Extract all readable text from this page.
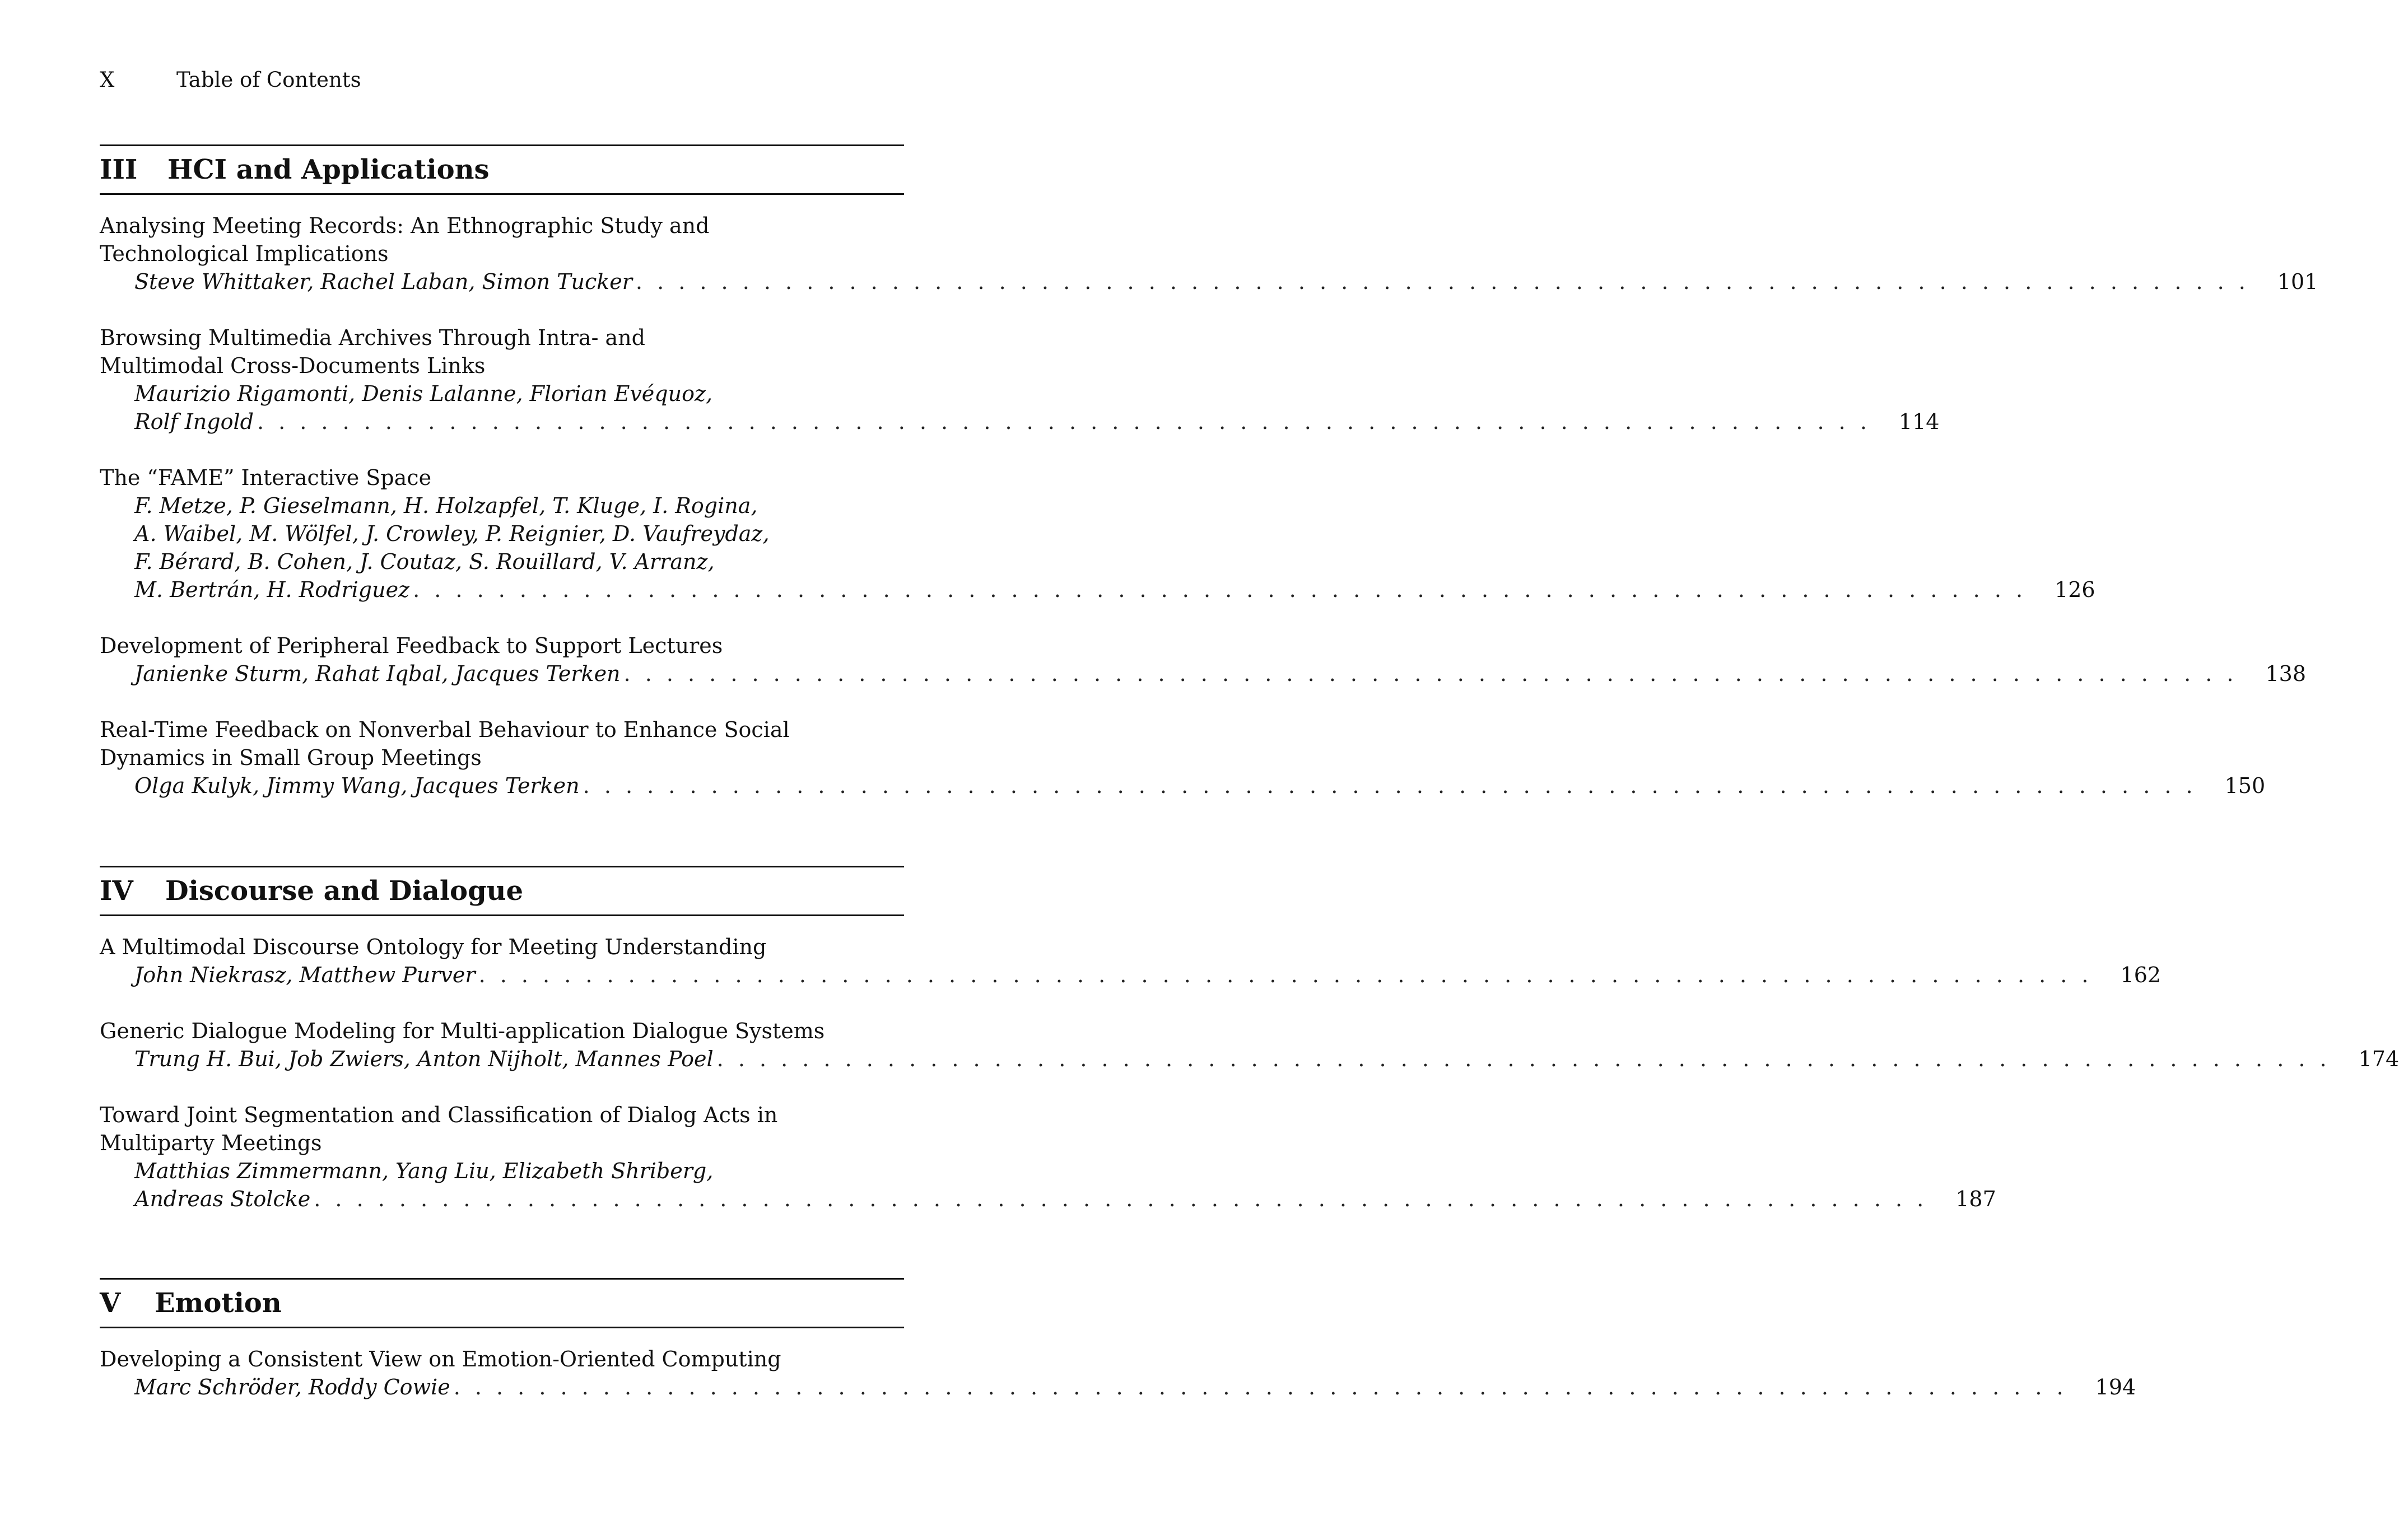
X	Table of Contents
III HCI and Applications
Analysing Meeting Records: An Ethnographic Study and Technological Implications
Steve Whittaker, Rachel Laban, Simon Tucker . . . . . . . . . . . . . . . . . . . . . . . . . . . . . . . . . . . . . . . . . . . . . . . . . . . . . . . . . . . . . . . . . . . . . . . . . . . . 101
Browsing Multimedia Archives Through Intra- and Multimodal Cross-Documents Links
Maurizio Rigamonti, Denis Lalanne, Florian Evéquoz,
Rolf Ingold . . . . . . . . . . . . . . . . . . . . . . . . . . . . . . . . . . . . . . . . . . . . . . . . . . . . . . . . . . . . . . . . . . . . . . . . . . . . 114
The “FAME” Interactive Space
F. Metze, P. Gieselmann, H. Holzapfel, T. Kluge, I. Rogina,
A. Waibel, M. Wölfel, J. Crowley, P. Reignier, D. Vaufreydaz,
F. Bérard, B. Cohen, J. Coutaz, S. Rouillard, V. Arranz,
M. Bertrán, H. Rodriguez . . . . . . . . . . . . . . . . . . . . . . . . . . . . . . . . . . . . . . . . . . . . . . . . . . . . . . . . . . . . . . . . . . . . . . . . . . . . 126
Development of Peripheral Feedback to Support Lectures
Janienke Sturm, Rahat Iqbal, Jacques Terken . . . . . . . . . . . . . . . . . . . . . . . . . . . . . . . . . . . . . . . . . . . . . . . . . . . . . . . . . . . . . . . . . . . . . . . . . . . . 138
Real-Time Feedback on Nonverbal Behaviour to Enhance Social Dynamics in Small Group Meetings
Olga Kulyk, Jimmy Wang, Jacques Terken . . . . . . . . . . . . . . . . . . . . . . . . . . . . . . . . . . . . . . . . . . . . . . . . . . . . . . . . . . . . . . . . . . . . . . . . . . . . 150
IV Discourse and Dialogue
A Multimodal Discourse Ontology for Meeting Understanding
John Niekrasz, Matthew Purver . . . . . . . . . . . . . . . . . . . . . . . . . . . . . . . . . . . . . . . . . . . . . . . . . . . . . . . . . . . . . . . . . . . . . . . . . . . . 162
Generic Dialogue Modeling for Multi-application Dialogue Systems
Trung H. Bui, Job Zwiers, Anton Nijholt, Mannes Poel . . . . . . . . . . . . . . . . . . . . . . . . . . . . . . . . . . . . . . . . . . . . . . . . . . . . . . . . . . . . . . . . . . . . . . . . . . . . 174
Toward Joint Segmentation and Classification of Dialog Acts in Multiparty Meetings
Matthias Zimmermann, Yang Liu, Elizabeth Shriberg,
Andreas Stolcke . . . . . . . . . . . . . . . . . . . . . . . . . . . . . . . . . . . . . . . . . . . . . . . . . . . . . . . . . . . . . . . . . . . . . . . . . . . . 187
V Emotion
Developing a Consistent View on Emotion-Oriented Computing
Marc Schröder, Roddy Cowie . . . . . . . . . . . . . . . . . . . . . . . . . . . . . . . . . . . . . . . . . . . . . . . . . . . . . . . . . . . . . . . . . . . . . . . . . . . . 194
